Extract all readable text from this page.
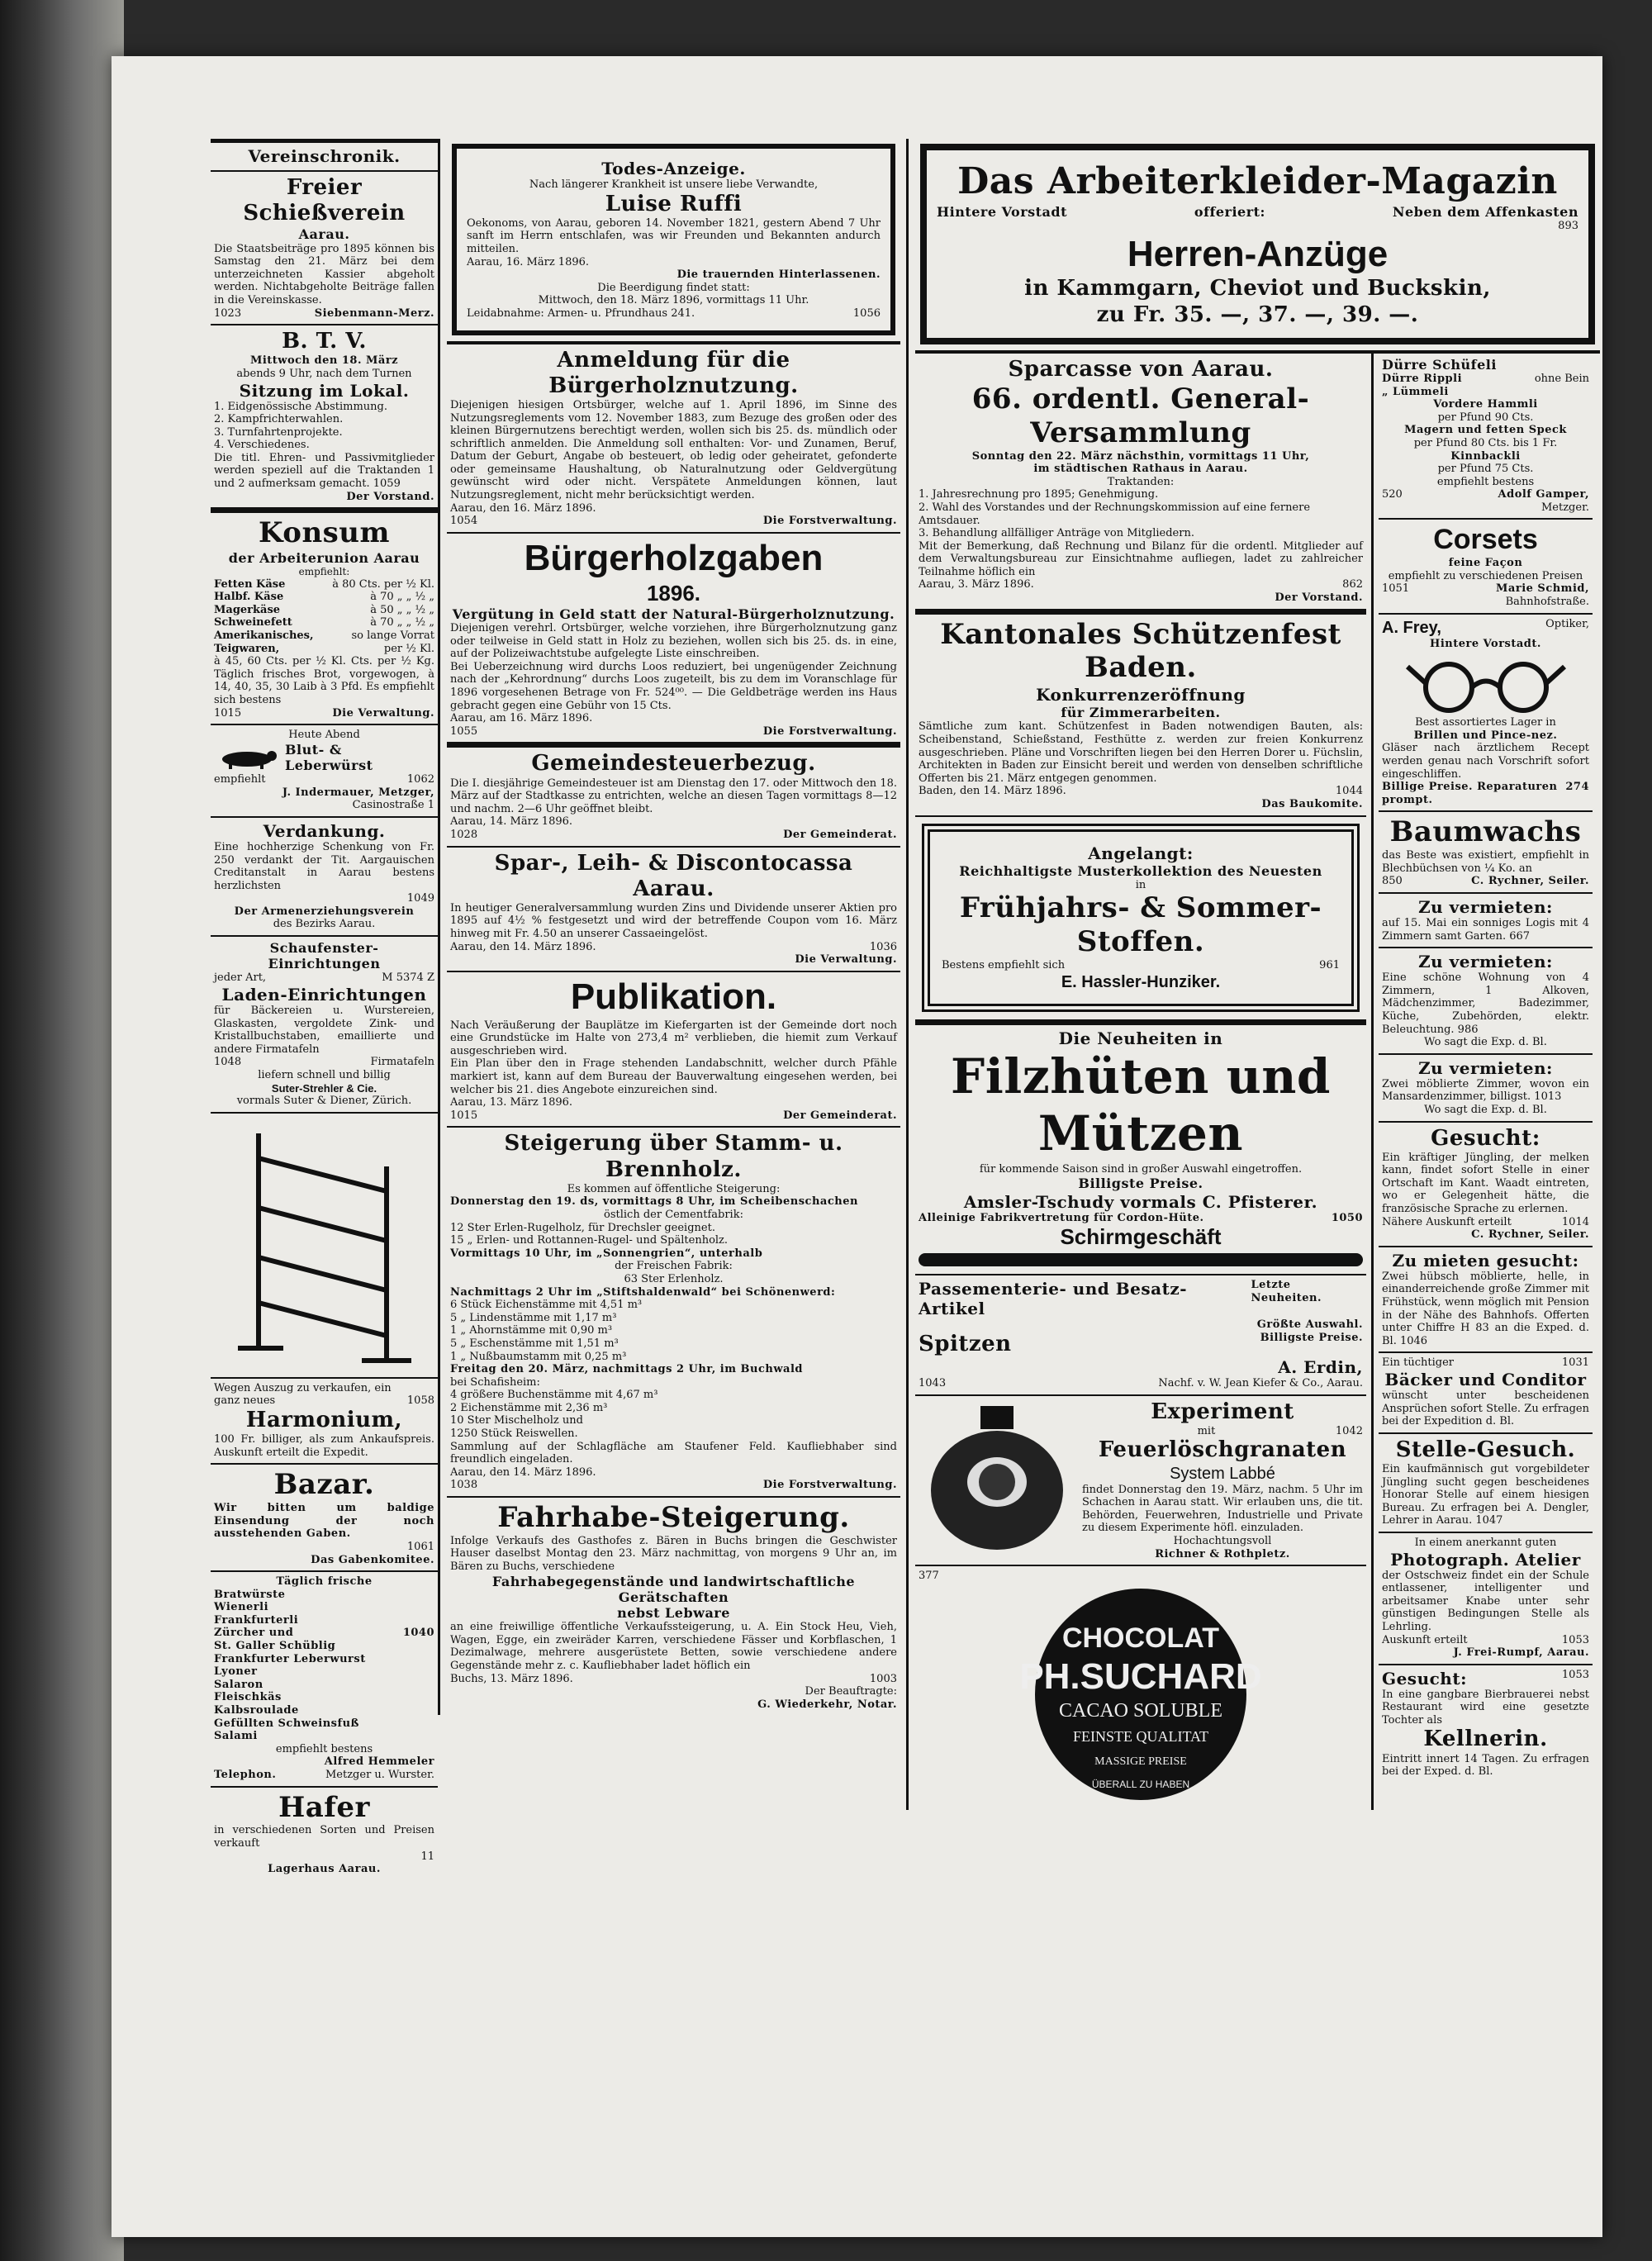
Vereinschronik.
Freier Schießverein
Aarau.
Die Staatsbeiträge pro 1895 können bis Samstag den 21. März bei dem unterzeichneten Kassier abgeholt werden. Nichtabgeholte Beiträge fallen in die Vereinskasse.
1023	Siebenmann-Merz.
B. T. V.
Mittwoch den 18. März
abends 9 Uhr, nach dem Turnen
Sitzung im Lokal.
1. Eidgenössische Abstimmung.
2. Kampfrichterwahlen.
3. Turnfahrtenprojekte.
4. Verschiedenes.
Die titl. Ehren- und Passivmitglieder werden speziell auf die Traktanden 1 und 2 aufmerksam gemacht. 1059
Der Vorstand.
Konsum
der Arbeiterunion Aarau
empfiehlt:
Fetten Käse	à 80 Cts. per ½ Kl.
Halbf. Käse	à 70 „ „ ½ „
Magerkäse	à 50 „ „ ½ „
Schweinefett	à 70 „ „ ½ „
Amerikanisches,	so lange Vorrat
Teigwaren,	per ½ Kl.
à 45, 60 Cts. per ½ Kl. Cts. per ½ Kg. Täglich frisches Brot, vorgewogen, à 14, 40, 35, 30 Laib à 3 Pfd. Es empfiehlt sich bestens
1015	Die Verwaltung.
Heute Abend
Blut- & Leberwürst
empfiehlt	1062
J. Indermauer, Metzger,
Casinostraße 1
Verdankung.
Eine hochherzige Schenkung von Fr. 250 verdankt der Tit. Aargauischen Creditanstalt in Aarau bestens herzlichsten
1049
Der Armenerziehungsverein
des Bezirks Aarau.
Schaufenster-Einrichtungen
jeder Art,	M 5374 Z
Laden-Einrichtungen
für Bäckereien u. Wurstereien, Glaskasten, vergoldete Zink- und Kristallbuchstaben, emaillierte und andere Firmatafeln
1048	Firmatafeln
liefern schnell und billig
Suter-Strehler & Cie.
vormals Suter & Diener, Zürich.
Wegen Auszug zu verkaufen, ein
ganz neues	1058
Harmonium,
100 Fr. billiger, als zum Ankaufspreis. Auskunft erteilt die Expedit.
Bazar.
Wir bitten um baldige Einsendung der noch ausstehenden Gaben.
1061
Das Gabenkomitee.
Täglich frische
Bratwürste
Wienerli
Frankfurterli
Zürcher und	1040
St. Galler Schüblig
Frankfurter Leberwurst
Lyoner
Salaron
Fleischkäs
Kalbsroulade
Gefüllten Schweinsfuß
Salami
empfiehlt bestens
Alfred Hemmeler
Telephon.	Metzger u. Wurster.
Hafer
in verschiedenen Sorten und Preisen verkauft
11
Lagerhaus Aarau.
Todes-Anzeige.
Nach längerer Krankheit ist unsere liebe Verwandte,
Luise Ruffi
Oekonoms, von Aarau, geboren 14. November 1821, gestern Abend 7 Uhr sanft im Herrn entschlafen, was wir Freunden und Bekannten andurch mitteilen.
Aarau, 16. März 1896.
Die trauernden Hinterlassenen.
Die Beerdigung findet statt:
Mittwoch, den 18. März 1896, vormittags 11 Uhr.
Leidabnahme: Armen- u. Pfrundhaus 241.	1056
Anmeldung für die Bürgerholznutzung.
Diejenigen hiesigen Ortsbürger, welche auf 1. April 1896, im Sinne des Nutzungsreglements vom 12. November 1883, zum Bezuge des großen oder des kleinen Bürgernutzens berechtigt werden, wollen sich bis 25. ds. mündlich oder schriftlich anmelden. Die Anmeldung soll enthalten: Vor- und Zunamen, Beruf, Datum der Geburt, Angabe ob besteuert, ob ledig oder geheiratet, gefonderte oder gemeinsame Haushaltung, ob Naturalnutzung oder Geldvergütung gewünscht wird oder nicht. Verspätete Anmeldungen können, laut Nutzungsreglement, nicht mehr berücksichtigt werden.
Aarau, den 16. März 1896.
1054	Die Forstverwaltung.
Bürgerholzgaben
1896.
Vergütung in Geld statt der Natural-Bürgerholznutzung.
Diejenigen verehrl. Ortsbürger, welche vorziehen, ihre Bürgerholznutzung ganz oder teilweise in Geld statt in Holz zu beziehen, wollen sich bis 25. ds. in eine, auf der Polizeiwachtstube aufgelegte Liste einschreiben.
Bei Ueberzeichnung wird durchs Loos reduziert, bei ungenügender Zeichnung nach der „Kehrordnung“ durchs Loos zugeteilt, bis zu dem im Voranschlage für 1896 vorgesehenen Betrage von Fr. 524⁰⁰. — Die Geldbeträge werden ins Haus gebracht gegen eine Gebühr von 15 Cts.
Aarau, am 16. März 1896.
1055	Die Forstverwaltung.
Gemeindesteuerbezug.
Die I. diesjährige Gemeindesteuer ist am Dienstag den 17. oder Mittwoch den 18. März auf der Stadtkasse zu entrichten, welche an diesen Tagen vormittags 8—12 und nachm. 2—6 Uhr geöffnet bleibt.
Aarau, 14. März 1896.
1028	Der Gemeinderat.
Spar-, Leih- & Discontocassa Aarau.
In heutiger Generalversammlung wurden Zins und Dividende unserer Aktien pro 1895 auf 4½ % festgesetzt und wird der betreffende Coupon vom 16. März hinweg mit Fr. 4.50 an unserer Cassaeingelöst.
Aarau, den 14. März 1896.	1036
Die Verwaltung.
Publikation.
Nach Veräußerung der Bauplätze im Kiefergarten ist der Gemeinde dort noch eine Grundstücke im Halte von 273,4 m² verblieben, die hiemit zum Verkauf ausgeschrieben wird.
Ein Plan über den in Frage stehenden Landabschnitt, welcher durch Pfähle markiert ist, kann auf dem Bureau der Bauverwaltung eingesehen werden, bei welcher bis 21. dies Angebote einzureichen sind.
Aarau, 13. März 1896.
1015	Der Gemeinderat.
Steigerung über Stamm- u. Brennholz.
Es kommen auf öffentliche Steigerung:
Donnerstag den 19. ds, vormittags 8 Uhr, im Scheibenschachen
östlich der Cementfabrik:
12 Ster Erlen-Rugelholz, für Drechsler geeignet.
15 „ Erlen- und Rottannen-Rugel- und Spältenholz.
Vormittags 10 Uhr, im „Sonnengrien“, unterhalb
der Freischen Fabrik:
63 Ster Erlenholz.
Nachmittags 2 Uhr im „Stiftshaldenwald“ bei Schönenwerd:
6 Stück Eichenstämme mit 4,51 m³
5 „ Lindenstämme mit 1,17 m³
1 „ Ahornstämme mit 0,90 m³
5 „ Eschenstämme mit 1,51 m³
1 „ Nußbaumstamm mit 0,25 m³
Freitag den 20. März, nachmittags 2 Uhr, im Buchwald
bei Schafisheim:
4 größere Buchenstämme mit 4,67 m³
2 Eichenstämme mit 2,36 m³
10 Ster Mischelholz und
1250 Stück Reiswellen.
Sammlung auf der Schlagfläche am Staufener Feld. Kaufliebhaber sind freundlich eingeladen.
Aarau, den 14. März 1896.
1038	Die Forstverwaltung.
Fahrhabe-Steigerung.
Infolge Verkaufs des Gasthofes z. Bären in Buchs bringen die Geschwister Hauser daselbst Montag den 23. März nachmittag, von morgens 9 Uhr an, im Bären zu Buchs, verschiedene
Fahrhabegegenstände und landwirtschaftliche Gerätschaften
nebst Lebware
an eine freiwillige öffentliche Verkaufssteigerung, u. A. Ein Stock Heu, Vieh, Wagen, Egge, ein zweiräder Karren, verschiedene Fässer und Korbflaschen, 1 Dezimalwage, mehrere ausgerüstete Betten, sowie verschiedene andere Gegenstände mehr z. c. Kaufliebhaber ladet höflich ein
Buchs, 13. März 1896.	1003
Der Beauftragte:
G. Wiederkehr, Notar.
Das Arbeiterkleider-Magazin
Hintere Vorstadt	offeriert:	Neben dem Affenkasten
893
Herren-Anzüge
in Kammgarn, Cheviot und Buckskin,
zu Fr. 35. —, 37. —, 39. —.
Sparcasse von Aarau.
66. ordentl. General-Versammlung
Sonntag den 22. März nächsthin, vormittags 11 Uhr,
im städtischen Rathaus in Aarau.
Traktanden:
1. Jahresrechnung pro 1895; Genehmigung.
2. Wahl des Vorstandes und der Rechnungskommission auf eine fernere Amtsdauer.
3. Behandlung allfälliger Anträge von Mitgliedern.
Mit der Bemerkung, daß Rechnung und Bilanz für die ordentl. Mitglieder auf dem Verwaltungsbureau zur Einsichtnahme aufliegen, ladet zu zahlreicher Teilnahme höflich ein
Aarau, 3. März 1896.	862
Der Vorstand.
Kantonales Schützenfest Baden.
Konkurrenzeröffnung
für Zimmerarbeiten.
Sämtliche zum kant. Schützenfest in Baden notwendigen Bauten, als: Scheibenstand, Schießstand, Festhütte z. werden zur freien Konkurrenz ausgeschrieben. Pläne und Vorschriften liegen bei den Herren Dorer u. Füchslin, Architekten in Baden zur Einsicht bereit und werden von denselben schriftliche Offerten bis 21. März entgegen genommen.
Baden, den 14. März 1896.	1044
Das Baukomite.
Angelangt:
Reichhaltigste Musterkollektion des Neuesten
in
Frühjahrs- & Sommer-Stoffen.
Bestens empfiehlt sich	961
E. Hassler-Hunziker.
Die Neuheiten in
Filzhüten und Mützen
für kommende Saison sind in großer Auswahl eingetroffen.
Billigste Preise.
Amsler-Tschudy vormals C. Pfisterer.
Alleinige Fabrikvertretung für Cordon-Hüte.	1050
Schirmgeschäft
Passementerie- und Besatz-Artikel
Letzte Neuheiten.
Größte Auswahl.
Spitzen	Billigste Preise.
A. Erdin,
1043	Nachf. v. W. Jean Kiefer & Co., Aarau.
Experiment
mit	1042
Feuerlöschgranaten
System Labbé
findet Donnerstag den 19. März, nachm. 5 Uhr im Schachen in Aarau statt. Wir erlauben uns, die tit. Behörden, Feuerwehren, Industrielle und Private zu diesem Experimente höfl. einzuladen.
Hochachtungsvoll
Richner & Rothpletz.
377
CHOCOLAT
PH.SUCHARD
CACAO SOLUBLE
FEINSTE QUALITAT
MASSIGE PREISE
ÜBERALL ZU HABEN
Dürre Schüfeli
Dürre Rippli	ohne Bein
„ Lümmeli
Vordere Hammli
per Pfund 90 Cts.
Magern und fetten Speck
per Pfund 80 Cts. bis 1 Fr.
Kinnbackli
per Pfund 75 Cts.
empfiehlt bestens
520	Adolf Gamper,
Metzger.
Corsets
feine Façon
empfiehlt zu verschiedenen Preisen
1051	Marie Schmid,
Bahnhofstraße.
A. Frey,	Optiker,
Hintere Vorstadt.
Best assortiertes Lager in
Brillen und Pince-nez.
Gläser nach ärztlichem Recept werden genau nach Vorschrift sofort eingeschliffen.
Billige Preise. Reparaturen prompt.
274
Baumwachs
das Beste was existiert, empfiehlt in Blechbüchsen von ¼ Ko. an
850	C. Rychner, Seiler.
Zu vermieten:
auf 15. Mai ein sonniges Logis mit 4 Zimmern samt Garten. 667
Zu vermieten:
Eine schöne Wohnung von 4 Zimmern, 1 Alkoven, Mädchenzimmer, Badezimmer, Küche, Zubehörden, elektr. Beleuchtung. 986
Wo sagt die Exp. d. Bl.
Zu vermieten:
Zwei möblierte Zimmer, wovon ein Mansardenzimmer, billigst. 1013
Wo sagt die Exp. d. Bl.
Gesucht:
Ein kräftiger Jüngling, der melken kann, findet sofort Stelle in einer Ortschaft im Kant. Waadt eintreten, wo er Gelegenheit hätte, die französische Sprache zu erlernen.
Nähere Auskunft erteilt	1014
C. Rychner, Seiler.
Zu mieten gesucht:
Zwei hübsch möblierte, helle, in einanderreichende große Zimmer mit Frühstück, wenn möglich mit Pension in der Nähe des Bahnhofs. Offerten unter Chiffre H 83 an die Exped. d. Bl. 1046
Ein tüchtiger	1031
Bäcker und Conditor
wünscht unter bescheidenen Ansprüchen sofort Stelle. Zu erfragen bei der Expedition d. Bl.
Stelle-Gesuch.
Ein kaufmännisch gut vorgebildeter Jüngling sucht gegen bescheidenes Honorar Stelle auf einem hiesigen Bureau. Zu erfragen bei A. Dengler, Lehrer in Aarau. 1047
In einem anerkannt guten
Photograph. Atelier
der Ostschweiz findet ein der Schule entlassener, intelligenter und arbeitsamer Knabe unter sehr günstigen Bedingungen Stelle als Lehrling.
Auskunft erteilt	1053
J. Frei-Rumpf, Aarau.
Gesucht:	1053
In eine gangbare Bierbrauerei nebst Restaurant wird eine gesetzte Tochter als
Kellnerin.
Eintritt innert 14 Tagen. Zu erfragen bei der Exped. d. Bl.
